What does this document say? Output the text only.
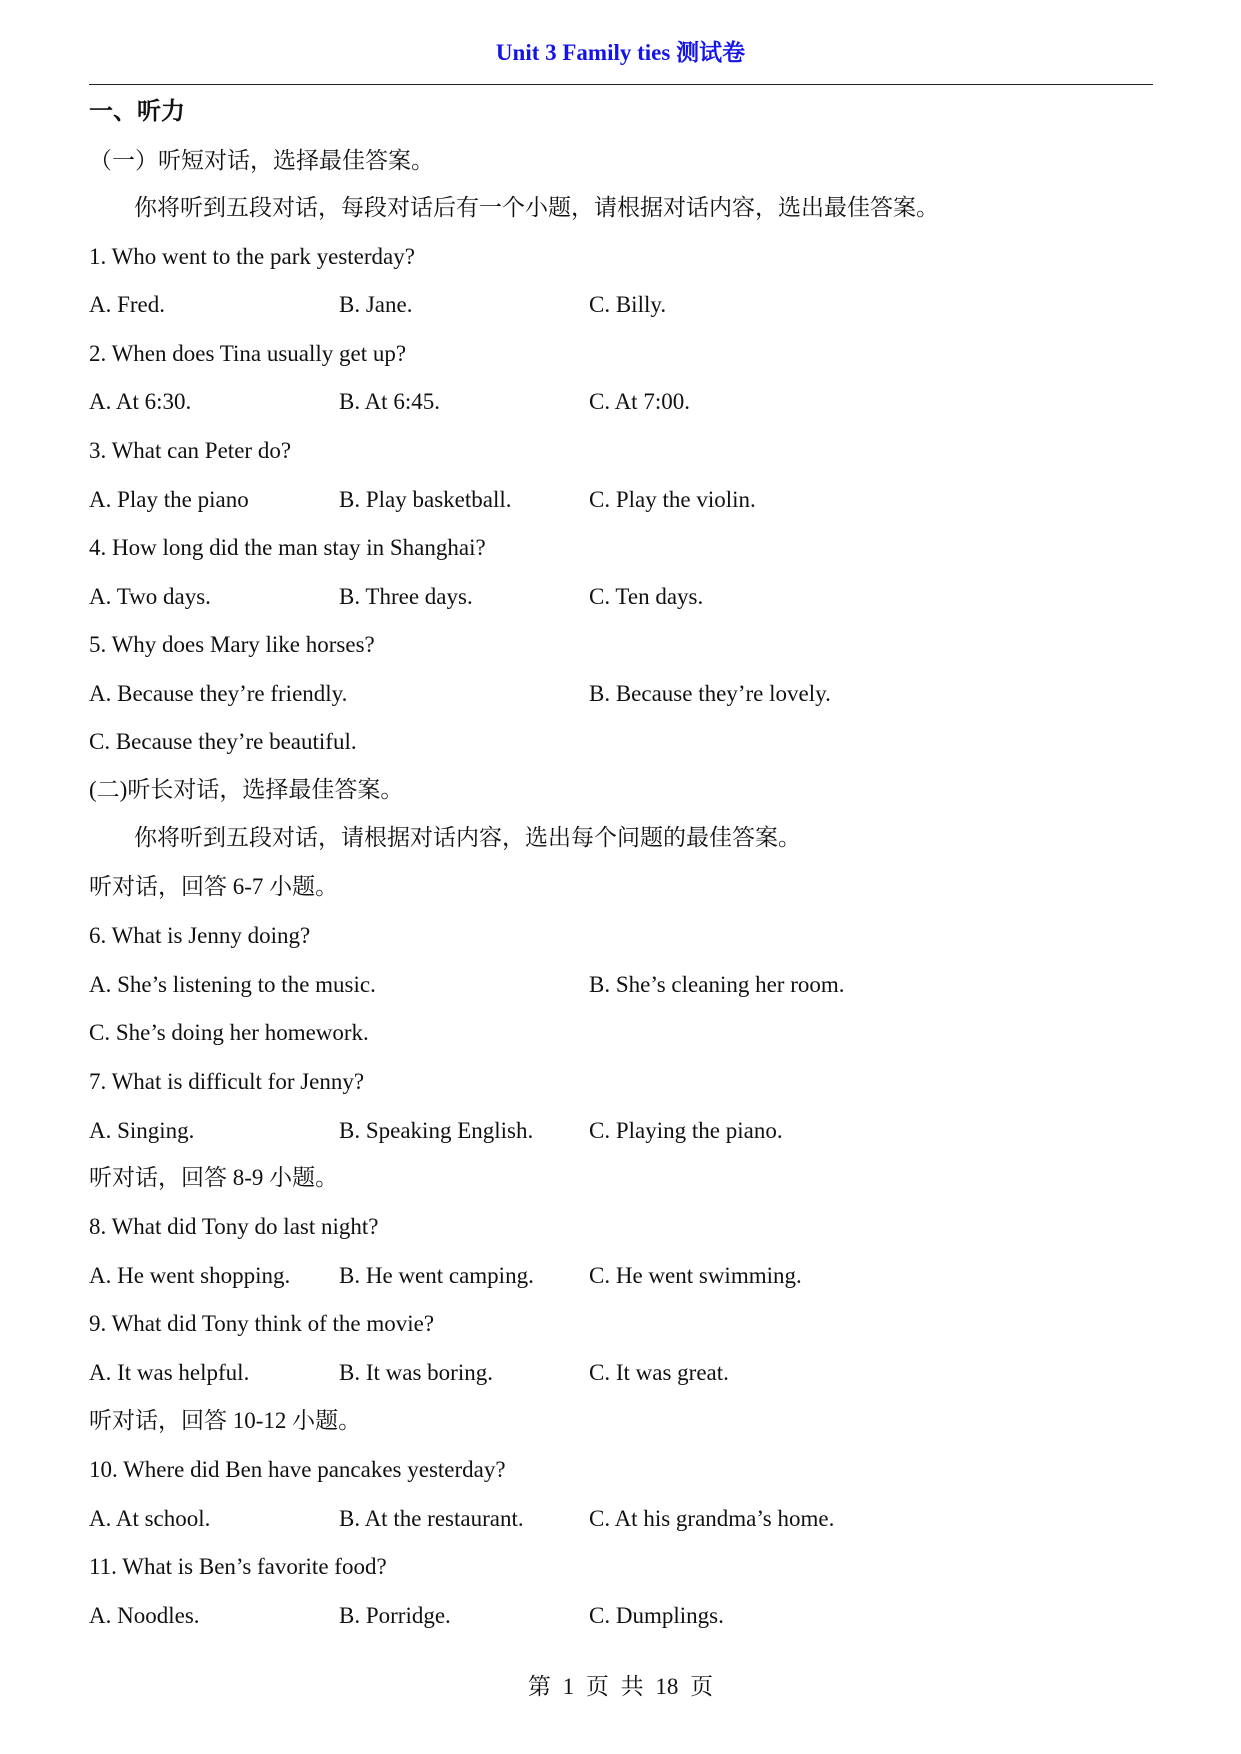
Unit 3 Family ties 测试卷

一、听力

（一）听短对话，选择最佳答案。

你将听到五段对话，每段对话后有一个小题，请根据对话内容，选出最佳答案。

1. Who went to the park yesterday?

A. Fred.	B. Jane.	C. Billy.

2. When does Tina usually get up?

A. At 6:30.	B. At 6:45.	C. At 7:00.

3. What can Peter do?

A. Play the piano	B. Play basketball.	C. Play the violin.

4. How long did the man stay in Shanghai?

A. Two days.	B. Three days.	C. Ten days.

5. Why does Mary like horses?

A. Because they’re friendly.	B. Because they’re lovely.
C. Because they’re beautiful.

(二)听长对话，选择最佳答案。

你将听到五段对话，请根据对话内容，选出每个问题的最佳答案。

听对话，回答 6-7 小题。

6. What is Jenny doing?

A. She’s listening to the music.	B. She’s cleaning her room.
C. She’s doing her homework.

7. What is difficult for Jenny?

A. Singing.	B. Speaking English. C. Playing the piano.

听对话，回答 8-9 小题。

8. What did Tony do last night?

A. He went shopping. B. He went camping. C. He went swimming.

9. What did Tony think of the movie?

A. It was helpful.	B. It was boring.	C. It was great.

听对话，回答 10-12 小题。

10. Where did Ben have pancakes yesterday?

A. At school.	B. At the restaurant.	C. At his grandma’s home.

11. What is Ben’s favorite food?

A. Noodles.	B. Porridge.	C. Dumplings.
第 1 页 共 18 页
